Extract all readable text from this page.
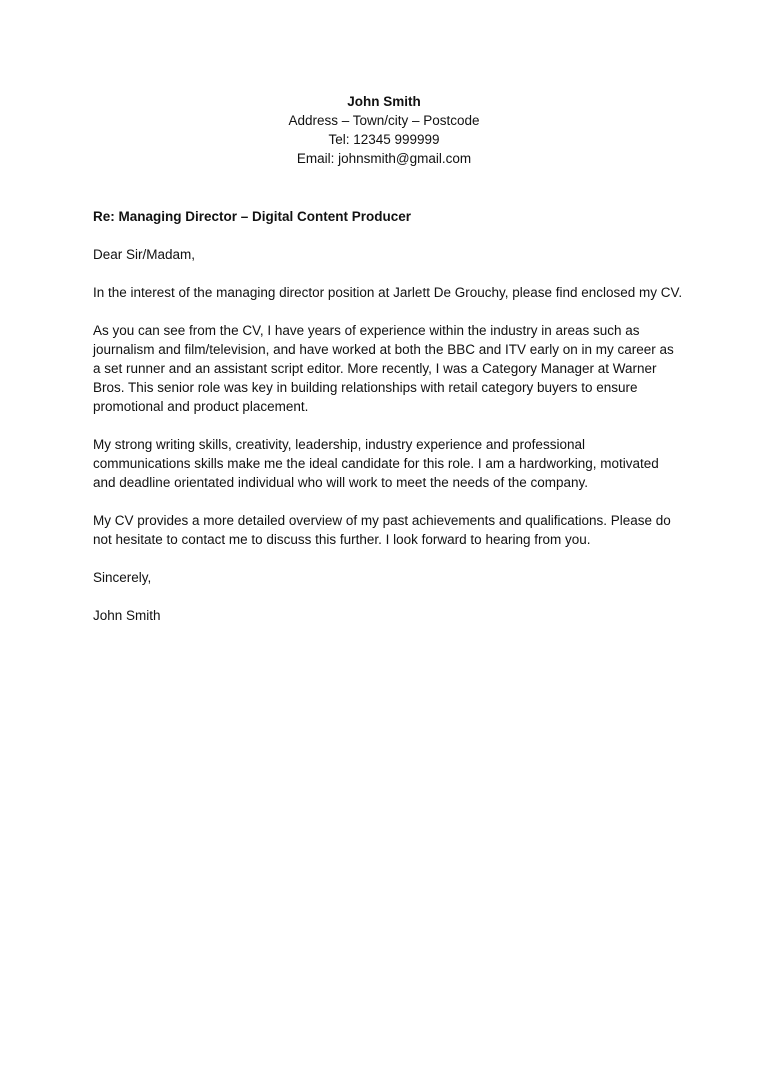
John Smith
Address – Town/city – Postcode
Tel: 12345 999999
Email: johnsmith@gmail.com

Re: Managing Director – Digital Content Producer

Dear Sir/Madam,

In the interest of the managing director position at Jarlett De Grouchy, please find enclosed my CV.

As you can see from the CV, I have years of experience within the industry in areas such as journalism and film/television, and have worked at both the BBC and ITV early on in my career as a set runner and an assistant script editor. More recently, I was a Category Manager at Warner Bros. This senior role was key in building relationships with retail category buyers to ensure promotional and product placement.

My strong writing skills, creativity, leadership, industry experience and professional communications skills make me the ideal candidate for this role. I am a hardworking, motivated and deadline orientated individual who will work to meet the needs of the company.

My CV provides a more detailed overview of my past achievements and qualifications. Please do not hesitate to contact me to discuss this further. I look forward to hearing from you.

Sincerely,

John Smith
